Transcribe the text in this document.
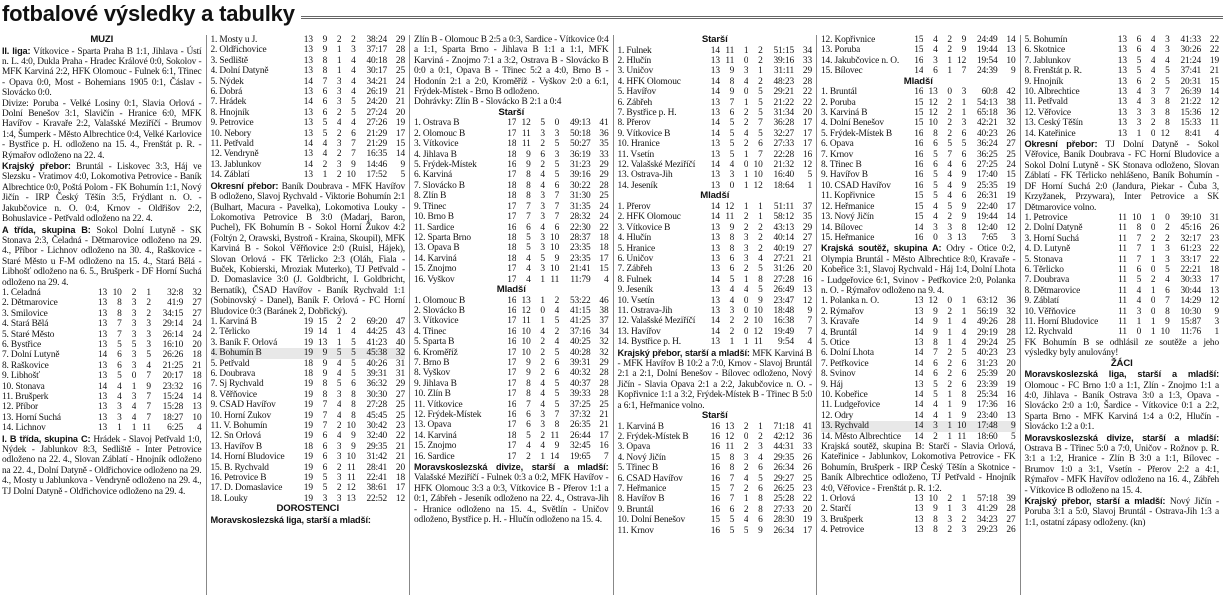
fotbalové výsledky a tabulky
MUŽI
II. liga: Vítkovice - Sparta Praha B 1:1, Jihlava - Ústí n. L. 4:0, Dukla Praha - Hradec Králové 0:0, Sokolov - MFK Karviná 2:2, HFK Olomouc - Fulnek 6:1, Třinec - Opava 0:0, Most - Bohemians 1905 0:1, Čáslav - Slovácko 0:0.
Divize: Poruba - Velké Losiny 0:1, Slavia Orlová - Dolní Benešov 3:1, Slavičín - Hranice 6:0, MFK Havířov - Kravaře 2:2, Valašské Meziříčí - Brumov 1:4, Šumperk - Město Albrechtice 0:4, Velké Karlovice - Bystřice p. H. odloženo na 15. 4., Frenštát p. R. - Rýmařov odloženo na 22. 4.
Krajský přebor: Bruntál - Liskovec 3:3, Háj ve Slezsku - Vratimov 4:0, Lokomotiva Petrovice - Baník Albrechtice 0:0, Poštá Polom - FK Bohumín 1:1, Nový Jičín - IRP Český Těšín 3:5, Frýdlant n. O. - Jakubčovice n. O. 0:4, Krnov - Oldřišov 2:2, Bohuslavice - Petřvald odloženo na 22. 4.
A třída, skupina B: Sokol Dolní Lutyně - SK Stonava 2:3, Čeladná - Dětmarovice odloženo na 29. 4., Příbor - Lichnov odloženo na 30. 4., Raškovice - Staré Město u F-M odloženo na 15. 4., Stará Bělá - Libhošť odloženo na 6. 5., Brušperk - DF Horní Suchá odloženo na 29. 4.
1. Čeladná	13	10	2	1	32:8	32
2. Dětmarovice	13	8	3	2	41:9	27
3. Smilovice	13	8	3	2	34:15	27
4. Stará Bělá	13	7	3	3	29:14	24
5. Staré Město	13	7	3	3	26:14	24
6. Bystřice	13	5	5	3	16:10	20
7. Dolní Lutyně	14	6	3	5	26:26	18
8. Raškovice	13	6	3	4	21:25	21
9. Libhošť	13	5	0	7	20:17	18
10. Stonava	14	4	1	9	23:32	16
11. Brušperk	13	4	3	7	15:24	14
12. Příbor	13	3	4	7	15:28	13
13. Horní Suchá	13	3	4	7	18:27	10
14. Lichnov	13	1	1	11	6:25	4
I. B třída, skupina C: Hrádek - Slavoj Petřvald 1:0, Nýdek - Jablunkov 8:3, Sedliště - Inter Petrovice odloženo na 22. 4., Slovan Záblatí - Hnojník odloženo na 22. 4., Dolní Datyně - Oldřichovice odloženo na 29. 4., Mosty u Jablunkova - Vendryně odloženo na 29. 4., TJ Dolní Datyně - Oldřichovice odloženo na 29. 4.
1. Mosty u J.	13	9	2	2	38:24	29
2. Oldřichovice	13	9	1	3	37:17	28
3. Sedliště	13	8	1	4	40:18	28
4. Dolní Datyně	13	8	1	4	30:17	25
5. Nýdek	14	7	3	4	34:21	24
6. Dobrá	13	6	3	4	26:19	21
7. Hrádek	14	6	3	5	24:20	21
8. Hnojník	13	6	2	5	27:24	20
9. Petrovice	13	5	4	4	27:26	19
10. Nebory	13	5	2	6	21:29	17
11. Petřvald	14	4	3	7	21:29	15
12. Vendryně	13	4	2	7	16:35	14
13. Jablunkov	14	2	3	9	14:46	9
14. Záblatí	13	1	2	10	17:52	5
Okresní přebor: Baník Doubrava - MFK Havířov B odloženo, Slavoj Rychvald - Viktorie Bohumín 2:1 (Bulhart, Macura - Pavelka), Lokomotiva Louky - Lokomotiva Petrovice B 3:0 (Madarj, Baron, Puchel), FK Bohumín B - Sokol Horní Žukov 4:2 (Foltýn 2, Orawski, Bystroň - Kraina, Skoupil), MFK Karviná B - Sokol Věřňovice 2:0 (Ruisl, Hájek), Slovan Orlová - FK Těrlicko 2:3 (Oláh, Fiala - Buček, Kobierski, Mroziak Muterko), TJ Petřvald - D. Domaslavice 3:0 (J. Goldbricht, I. Goldbricht, Bernatík), ČSAD Havířov - Baník Rychvald 1:1 (Sobinovský - Danel), Baník F. Orlová - FC Horní Bludovice 0:3 (Baránek 2, Dobřický).
1. Karviná B	19	15	2	2	69:20	47
2. Těrlicko	19	14	1	4	44:25	43
3. Baník F. Orlová	19	13	1	5	41:23	40
4. Bohumín B	19	9	5	5	45:38	32
5. Petřvald	18	9	4	5	40:26	31
6. Doubrava	18	9	4	5	39:31	31
7. Sj Rychvald	19	8	5	6	36:32	29
8. Věřňovice	19	8	3	8	30:30	27
9. ČSAD Havířov	19	7	4	8	27:28	25
10. Horní Žukov	19	7	4	8	45:45	25
11. V. Bohumín	19	7	2	10	30:42	23
12. Sn Orlová	19	6	4	9	32:40	22
13. Havířov B	18	6	3	9	29:35	21
14. Horní Bludovice	19	6	3	10	31:42	21
15. B. Rychvald	19	6	2	11	28:41	20
16. Petrovice B	19	5	3	11	22:41	18
17. D. Domaslavice	19	5	2	12	38:61	17
18. Louky	19	3	3	13	22:52	12
DOROSTENCI
Moravskoslezská liga, starší a mladší:
Zlín B - Olomouc B 2:5 a 0:3, Šardice - Vítkovice 0:4 a 1:1, Sparta Brno - Jihlava B 1:1 a 1:1, MFK Karviná - Znojmo 7:1 a 3:2, Ostrava B - Slovácko B 0:0 a 0:1, Opava B - Třinec 5:2 a 4:0, Brno B - Hodonín 2:1 a 2:0, Kroměříž - Vyškov 2:0 a 6:1, Frýdek-Místek - Brno B odloženo.
Dohrávky: Zlín B - Slovácko B 2:1 a 0:4
Starší
1. Ostrava B	17	12	5	0	49:13	41
2. Olomouc B	17	11	3	3	50:18	36
3. Vítkovice	18	11	2	5	50:27	35
4. Jihlava B	18	9	6	3	36:19	33
5. Frýdek-Místek	16	9	2	5	31:23	29
6. Karviná	17	8	4	5	39:16	29
7. Slovácko B	18	8	4	6	30:22	28
8. Zlín B	18	8	3	7	31:30	25
9. Třinec	17	7	3	7	31:35	24
10. Brno B	17	7	3	7	28:32	24
11. Šardice	16	6	4	6	22:30	22
12. Sparta Brno	18	5	3	10	28:37	18
13. Opava B	18	5	3	10	23:35	18
14. Karviná	18	4	5	9	23:35	17
15. Znojmo	17	4	3	10	21:41	15
16. Vyškov	17	4	1	11	11:79	4
Mladší
1. Olomouc B	16	13	1	2	53:22	46
2. Slovácko B	16	12	0	4	41:15	38
3. Vítkovice	17	11	1	5	41:25	37
4. Třinec	16	10	4	2	37:16	34
5. Sparta B	16	10	2	4	40:25	32
6. Kroměříž	17	10	2	5	40:28	32
7. Brno B	17	9	2	6	39:31	29
8. Vyškov	17	9	2	6	40:32	28
9. Jihlava B	17	8	4	5	40:37	28
10. Zlín B	17	8	4	5	39:33	28
11. Vítkovice	16	7	4	5	37:25	25
12. Frýdek-Místek	16	6	3	7	37:32	21
13. Opava	17	6	3	8	26:35	21
14. Karviná	18	5	2	11	26:44	17
15. Znojmo	17	4	4	9	32:45	16
16. Šardice	17	2	1	14	19:65	7
Moravskoslezská divize, starší a mladší: Valašské Meziříčí - Fulnek 0:3 a 0:2, MFK Havířov - HFK Olomouc 3:3 a 0:3, Vítkovice B - Přerov 1:1 a 0:1, Zábřeh - Jeseník odloženo na 22. 4., Ostrava-Jih - Hranice odloženo na 15. 4., Světlín - Uničov odloženo, Bystřice p. H. - Hlučín odloženo na 15. 4.
Starší
1. Fulnek	14	11	1	2	51:15	34
2. Hlučín	13	11	0	2	39:16	33
3. Uničov	13	9	3	1	31:11	29
4. HFK Olomouc	14	8	4	2	48:23	28
5. Havířov	14	9	0	5	29:21	22
6. Zábřeh	13	7	1	5	21:22	22
7. Bystřice p. H.	13	6	2	5	31:34	20
8. Přerov	14	5	2	7	36:28	17
9. Vítkovice B	14	5	4	5	32:27	17
10. Hranice	13	5	2	6	27:33	17
11. Vsetín	13	5	1	7	22:28	16
12. Valašské Meziříčí	14	4	0	10	21:32	12
13. Ostrava-Jih	13	3	1	10	16:40	5
14. Jeseník	13	0	1	12	18:64	1
Mladší
1. Přerov	14	12	1	1	51:11	37
2. HFK Olomouc	14	11	2	1	58:12	35
3. Vítkovice B	13	9	2	2	43:13	29
4. Hlučín	13	8	3	2	40:14	27
5. Hranice	13	8	3	2	40:19	27
6. Uničov	13	6	3	4	27:21	21
7. Zábřeh	13	6	2	5	31:26	20
8. Fulnek	14	5	1	8	27:28	16
9. Jeseník	13	4	4	5	26:49	13
10. Vsetín	13	4	0	9	23:47	12
11. Ostrava-Jih	13	3	0	10	18:48	9
12. Valašské Meziříčí	14	2	2	10	16:38	7
13. Havířov	14	2	0	12	19:49	7
14. Bystřice p. H.	13	1	1	11	9:54	4
Krajský přebor, starší a mladší: MFK Karviná B - MFK Havířov B 10:2 a 7:0, Krnov - Slavoj Bruntál 2:1 a 2:1, Dolní Benešov - Bílovec odloženo, Nový Jičín - Slavia Opava 2:1 a 2:2, Jakubčovice n. O. - Kopřivnice 1:1 a 3:2, Frýdek-Místek B - Třinec B 5:0 a 6:1, Heřmanice volno.
Starší
1. Karviná B	16	13	2	1	71:18	41
2. Frýdek-Místek B	16	12	0	2	42:12	36
3. Opava	16	11	2	3	44:31	33
4. Nový Jičín	15	8	3	4	29:35	26
5. Třinec B	16	8	2	6	26:34	26
6. ČSAD Havířov	16	7	4	5	29:27	25
7. Heřmanice	15	7	2	6	26:25	23
8. Havířov B	16	7	1	8	25:28	22
9. Bruntál	16	6	2	8	27:33	20
10. Dolní Benešov	15	5	4	6	28:30	19
11. Krnov	16	5	5	9	26:34	17
12. Kopřivnice	15	4	2	9	24:49	14
13. Poruba	15	4	2	9	19:44	13
14. Jakubčovice n. O.	16	3	1	12	19:54	10
15. Bílovec	14	6	1	7	24:39	9
Mladší
1. Bruntál	16	13	0	3	60:8	42
2. Poruba	15	12	2	1	54:13	38
3. Karviná B	15	12	2	1	65:18	36
4. Dolní Benešov	15	10	2	3	42:21	32
5. Frýdek-Místek B	16	8	2	6	40:23	26
6. Opava	16	6	5	5	36:24	27
7. Krnov	16	5	7	6	36:25	25
8. Třinec B	16	6	4	6	27:25	24
9. Havířov B	16	5	4	9	17:40	15
10. ČSAD Havířov	16	5	4	9	25:35	19
11. Kopřivnice	15	5	4	6	26:31	19
12. Heřmanice	15	4	5	9	22:40	17
13. Nový Jičín	15	4	2	9	19:44	14
14. Bílovec	14	3	3	8	12:40	12
15. Heřmanice	16	0	3	13	7:65	3
Krajská soutěž, skupina A: Odry - Otice 0:2, Olympia Bruntál - Město Albrechtice 8:0, Kravaře - Kobeřice 3:1, Slavoj Rychvald - Háj 1:4, Dolní Lhota - Ludgeřovice 6:1, Svinov - Petřkovice 2:0, Polanka n. O. - Rýmařov odloženo na 9. 4.
1. Polanka n. O.	13	12	0	1	63:12	36
2. Rýmařov	13	9	2	1	56:19	32
3. Kravaře	14	9	1	4	49:26	28
4. Bruntál	14	9	1	4	29:19	28
5. Otice	13	8	1	4	29:24	25
6. Dolní Lhota	14	7	2	5	40:23	23
7. Petřkovice	14	6	2	6	31:23	20
8. Svinov	14	6	2	6	25:39	20
9. Háj	13	5	2	6	23:39	19
10. Kobeřice	14	5	1	8	25:34	16
11. Ludgeřovice	14	4	1	9	17:36	16
12. Odry	14	4	1	9	23:40	13
13. Rychvald	14	3	1	10	17:48	9
14. Město Albrechtice	14	2	1	11	18:60	5
Krajská soutěž, skupina B: Starčí - Slavia Orlová, Kateřinice - Jablunkov, Lokomotiva Petrovice - FK Bohumín, Brušperk - IRP Český Těšín a Skotnice - Baník Albrechtice odloženo, TJ Petřvald - Hnojník 4:0, Věřovice - Frenštát p. R. 1:2.
1. Orlová	13	10	2	1	57:18	39
2. Starčí	13	9	1	3	41:29	28
3. Brušperk	13	8	3	2	34:23	27
4. Petrovice	13	8	2	3	29:23	26
5. Bohumín	13	6	4	3	41:33	22
6. Skotnice	13	6	4	3	30:26	22
7. Jablunkov	13	5	4	4	21:24	19
8. Frenštát p. R.	13	5	4	5	37:41	21
9. Hnojník	13	6	2	5	20:31	15
10. Albrechtice	13	4	3	7	26:39	14
11. Petřvald	13	4	3	8	21:22	12
12. Věřovice	13	3	3	8	15:36	12
13. Český Těšín	13	3	2	8	15:33	11
14. Kateřinice	13	1	0	12	8:41	4
Okresní přebor: TJ Dolní Datyně - Sokol Věřovice, Baník Doubrava - FC Horní Bludovice a Sokol Dolní Lutyně - SK Stonava odloženo, Slovan Záblatí - FK Těrlicko nehlášeno, Baník Bohumín - DF Horní Suchá 2:0 (Jandura, Piekar - Čuba 3, Krzyžanek, Przywara), Inter Petrovice a SK Dětmarovice volno.
1. Petrovice	11	10	1	0	39:10	31
2. Dolní Datyně	11	8	0	2	45:16	26
3. Horní Suchá	11	7	2	2	32:17	23
4. D. Lutyně	11	7	1	3	61:23	22
5. Stonava	11	7	1	3	33:17	22
6. Těrlicko	11	6	0	5	22:21	18
7. Doubrava	11	5	2	4	30:33	17
8. Dětmarovice	11	4	1	6	30:44	13
9. Záblatí	11	4	0	7	14:29	12
10. Věřňovice	11	3	0	8	10:30	9
11. Horní Bludovice	11	1	1	9	15:87	3
12. Rychvald	11	0	1	10	11:76	1
FK Bohumín B se odhlásil ze soutěže a jeho výsledky byly anulovány!
ŽÁCI
Moravskoslezská liga, starší a mladší: Olomouc - FC Brno 1:0 a 1:1, Zlín - Znojmo 1:1 a 4:0, Jihlava - Baník Ostrava 3:0 a 1:3, Opava - Slovácko 2:0 a 1:0, Šardice - Vítkovice 0:1 a 2:2, Sparta Brno - MFK Karviná 1:4 a 0:2, Hlučín - Slovácko 1:2 a 0:1.
Moravskoslezská divize, starší a mladší: Ostrava B - Třinec 5:0 a 7:0, Uničov - Rožnov p. R. 3:1 a 1:2, Hranice - Zlín B 3:0 a 1:1, Bílovec - Brumov 1:0 a 3:1, Vsetín - Přerov 2:2 a 4:1, Rýmařov - MFK Havířov odloženo na 16. 4., Zábřeh - Vítkovice B odloženo na 15. 4.
Krajský přebor, starší a mladší: Nový Jičín - Poruba 3:1 a 5:0, Slavoj Bruntál - Ostrava-Jih 1:3 a 1:1, ostatní zápasy odloženy. (kn)
